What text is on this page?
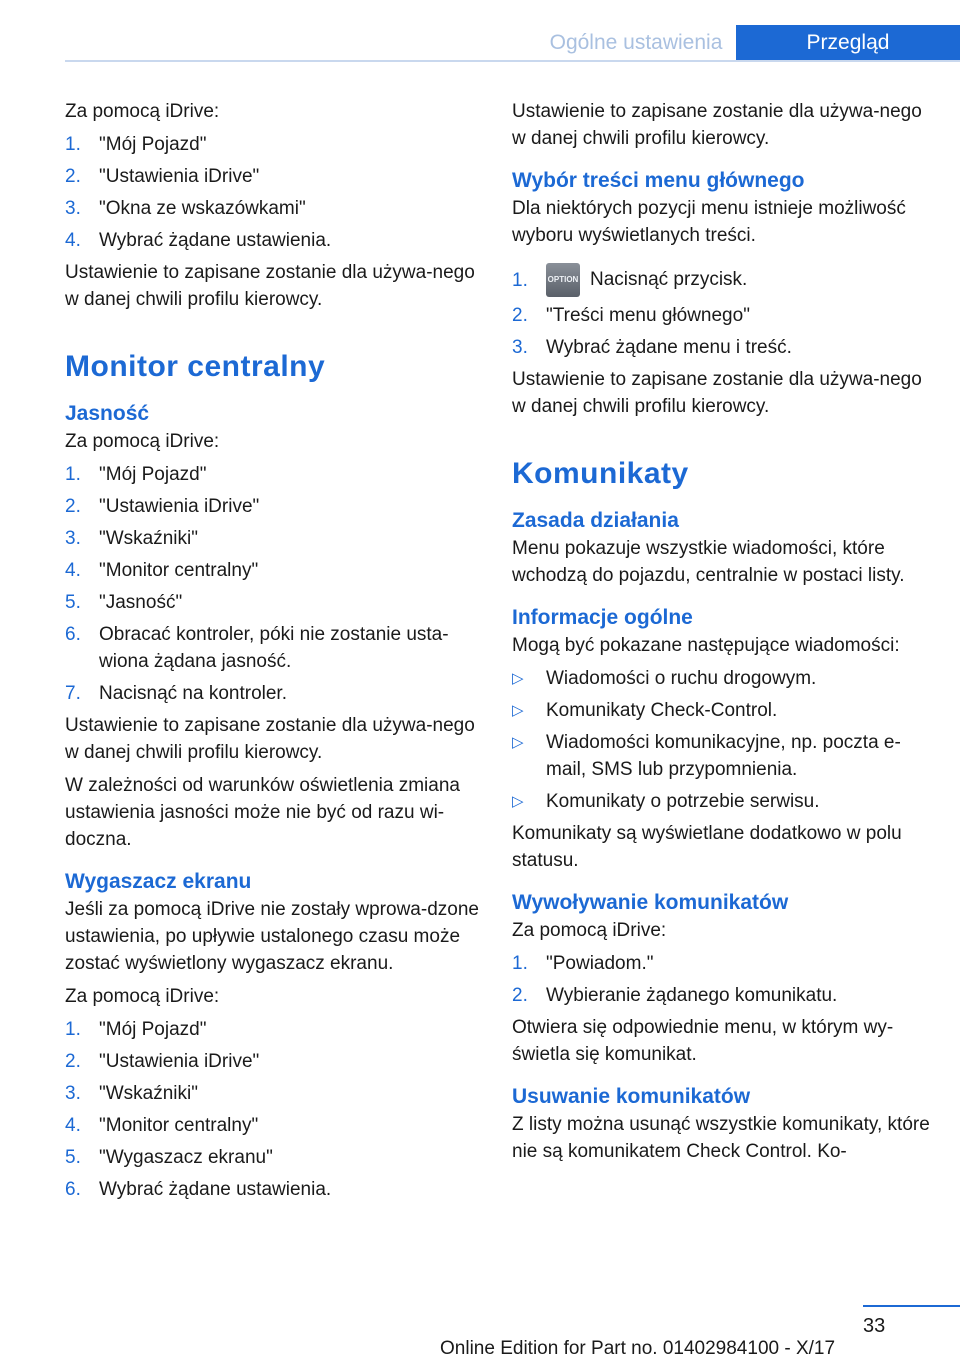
Ogólne ustawienia	Przegląd

Za pomocą iDrive:

1. "Mój Pojazd"
2. "Ustawienia iDrive"
3. "Okna ze wskazówkami"
4. Wybrać żądane ustawienia.

Ustawienie to zapisane zostanie dla używa-nego w danej chwili profilu kierowcy.

Monitor centralny
Jasność

Za pomocą iDrive:

1. "Mój Pojazd"
2. "Ustawienia iDrive"
3. "Wskaźniki"
4. "Monitor centralny"
5. "Jasność"
6. Obracać kontroler, póki nie zostanie usta-wiona żądana jasność.
7. Nacisnąć na kontroler.

Ustawienie to zapisane zostanie dla używa-nego w danej chwili profilu kierowcy.

W zależności od warunków oświetlenia zmiana ustawienia jasności może nie być od razu wi-doczna.

Wygaszacz ekranu

Jeśli za pomocą iDrive nie zostały wprowa-dzone ustawienia, po upływie ustalonego czasu może zostać wyświetlony wygaszacz ekranu.

Za pomocą iDrive:

1. "Mój Pojazd"
2. "Ustawienia iDrive"
3. "Wskaźniki"
4. "Monitor centralny"
5. "Wygaszacz ekranu"
6. Wybrać żądane ustawienia.

Ustawienie to zapisane zostanie dla używa-nego w danej chwili profilu kierowcy.

Wybór treści menu głównego

Dla niektórych pozycji menu istnieje możliwość wyboru wyświetlanych treści.

1.	OPTION Nacisnąć przycisk.
2. "Treści menu głównego"
3. Wybrać żądane menu i treść.

Ustawienie to zapisane zostanie dla używa-nego w danej chwili profilu kierowcy.

Komunikaty
Zasada działania

Menu pokazuje wszystkie wiadomości, które wchodzą do pojazdu, centralnie w postaci listy.

Informacje ogólne

Mogą być pokazane następujące wiadomości:

▷	Wiadomości o ruchu drogowym.
▷	Komunikaty Check-Control.
▷	Wiadomości komunikacyjne, np. poczta e-mail, SMS lub przypomnienia.
▷	Komunikaty o potrzebie serwisu.

Komunikaty są wyświetlane dodatkowo w polu statusu.

Wywoływanie komunikatów

Za pomocą iDrive:

1. "Powiadom."
2. Wybieranie żądanego komunikatu.

Otwiera się odpowiednie menu, w którym wy-świetla się komunikat.

Usuwanie komunikatów

Z listy można usunąć wszystkie komunikaty, które nie są komunikatem Check Control. Ko-

33
Online Edition for Part no. 01402984100 - X/17
